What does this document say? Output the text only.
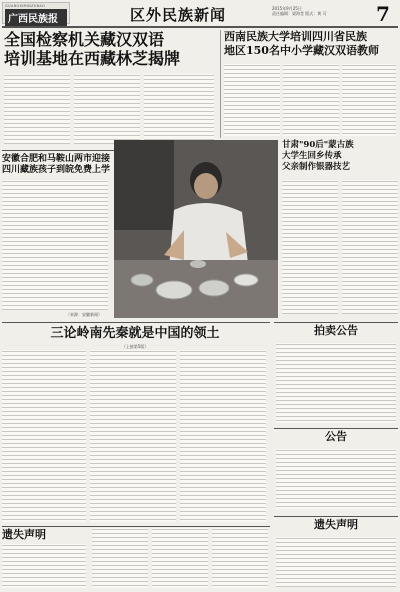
GUANGXIMINZUBAO
广西民族报	区外民族新闻	2015年9月25日
责任编辑：梁海莹 版式：黄 可 7
全国检察机关藏汉双语
培训基地在西藏林芝揭牌
西南民族大学培训四川省民族
地区150名中小学藏汉双语教师
安徽合肥和马鞍山两市迎接
四川藏族孩子到皖免费上学
（来源：安徽新闻）
甘肃"90后"蒙古族
大学生回乡传承
父亲制作银器技艺
三论岭南先秦就是中国的领土
（上接第5版）
拍卖公告
公告
遗失声明
遗失声明
